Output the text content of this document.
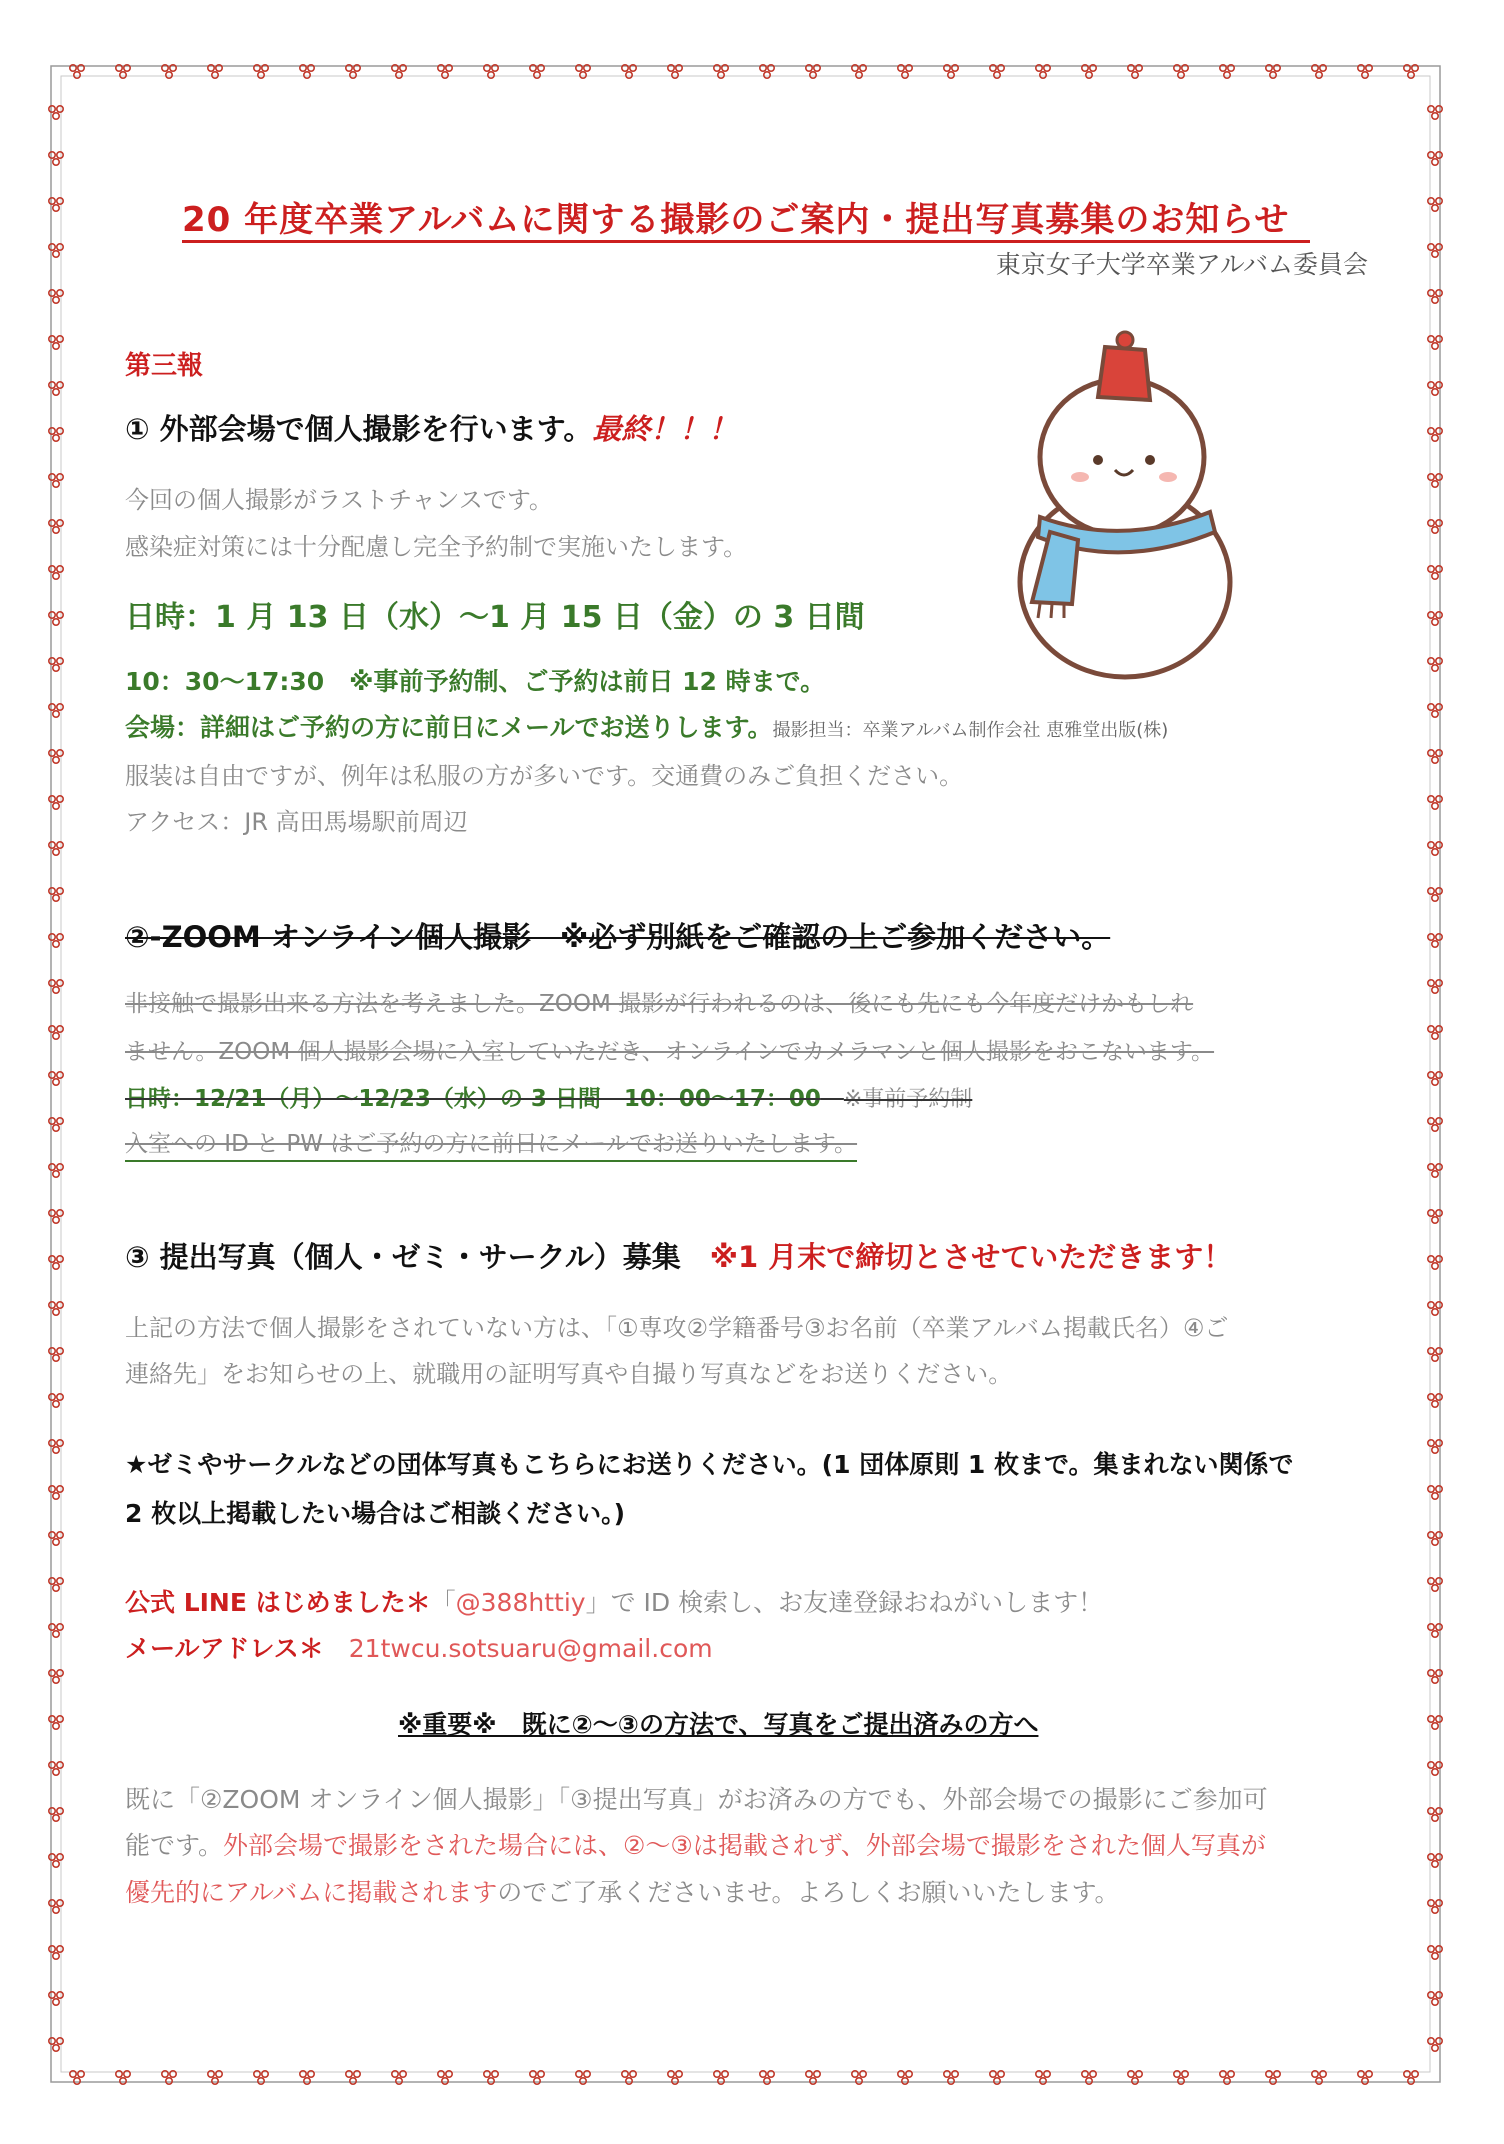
20 年度卒業アルバムに関する撮影のご案内・提出写真募集のお知らせ
東京女子大学卒業アルバム委員会
第三報
① 外部会場で個人撮影を行います。最終！！！
今回の個人撮影がラストチャンスです。
感染症対策には十分配慮し完全予約制で実施いたします。
日時：1 月 13 日（水）～1 月 15 日（金）の 3 日間
10：30～17:30　※事前予約制、ご予約は前日 12 時まで。
会場：詳細はご予約の方に前日にメールでお送りします。撮影担当：卒業アルバム制作会社 恵雅堂出版(株)
服装は自由ですが、例年は私服の方が多いです。交通費のみご負担ください。
アクセス：JR 高田馬場駅前周辺
②-ZOOM オンライン個人撮影　※必ず別紙をご確認の上ご参加ください。
非接触で撮影出来る方法を考えました。ZOOM 撮影が行われるのは、後にも先にも今年度だけかもしれ
ません。ZOOM 個人撮影会場に入室していただき、オンラインでカメラマンと個人撮影をおこないます。
日時：12/21（月）～12/23（水）の 3 日間　10：00～17：00　 ※事前予約制
入室への ID と PW はご予約の方に前日にメールでお送りいたします。
③ 提出写真（個人・ゼミ・サークル）募集　 ※1 月末で締切とさせていただきます！
上記の方法で個人撮影をされていない方は、「①専攻②学籍番号③お名前（卒業アルバム掲載氏名）④ご
連絡先」をお知らせの上、就職用の証明写真や自撮り写真などをお送りください。
★ゼミやサークルなどの団体写真もこちらにお送りください。(1 団体原則 1 枚まで。集まれない関係で
2 枚以上掲載したい場合はご相談ください。)
公式 LINE はじめました＊「@388httiy」で ID 検索し、お友達登録おねがいします！
メールアドレス＊　 21twcu.sotsuaru@gmail.com
※重要※　既に②～③の方法で、写真をご提出済みの方へ
既に「②ZOOM オンライン個人撮影」「③提出写真」がお済みの方でも、外部会場での撮影にご参加可
能です。外部会場で撮影をされた場合には、②～③は掲載されず、外部会場で撮影をされた個人写真が
優先的にアルバムに掲載されますのでご了承くださいませ。よろしくお願いいたします。
